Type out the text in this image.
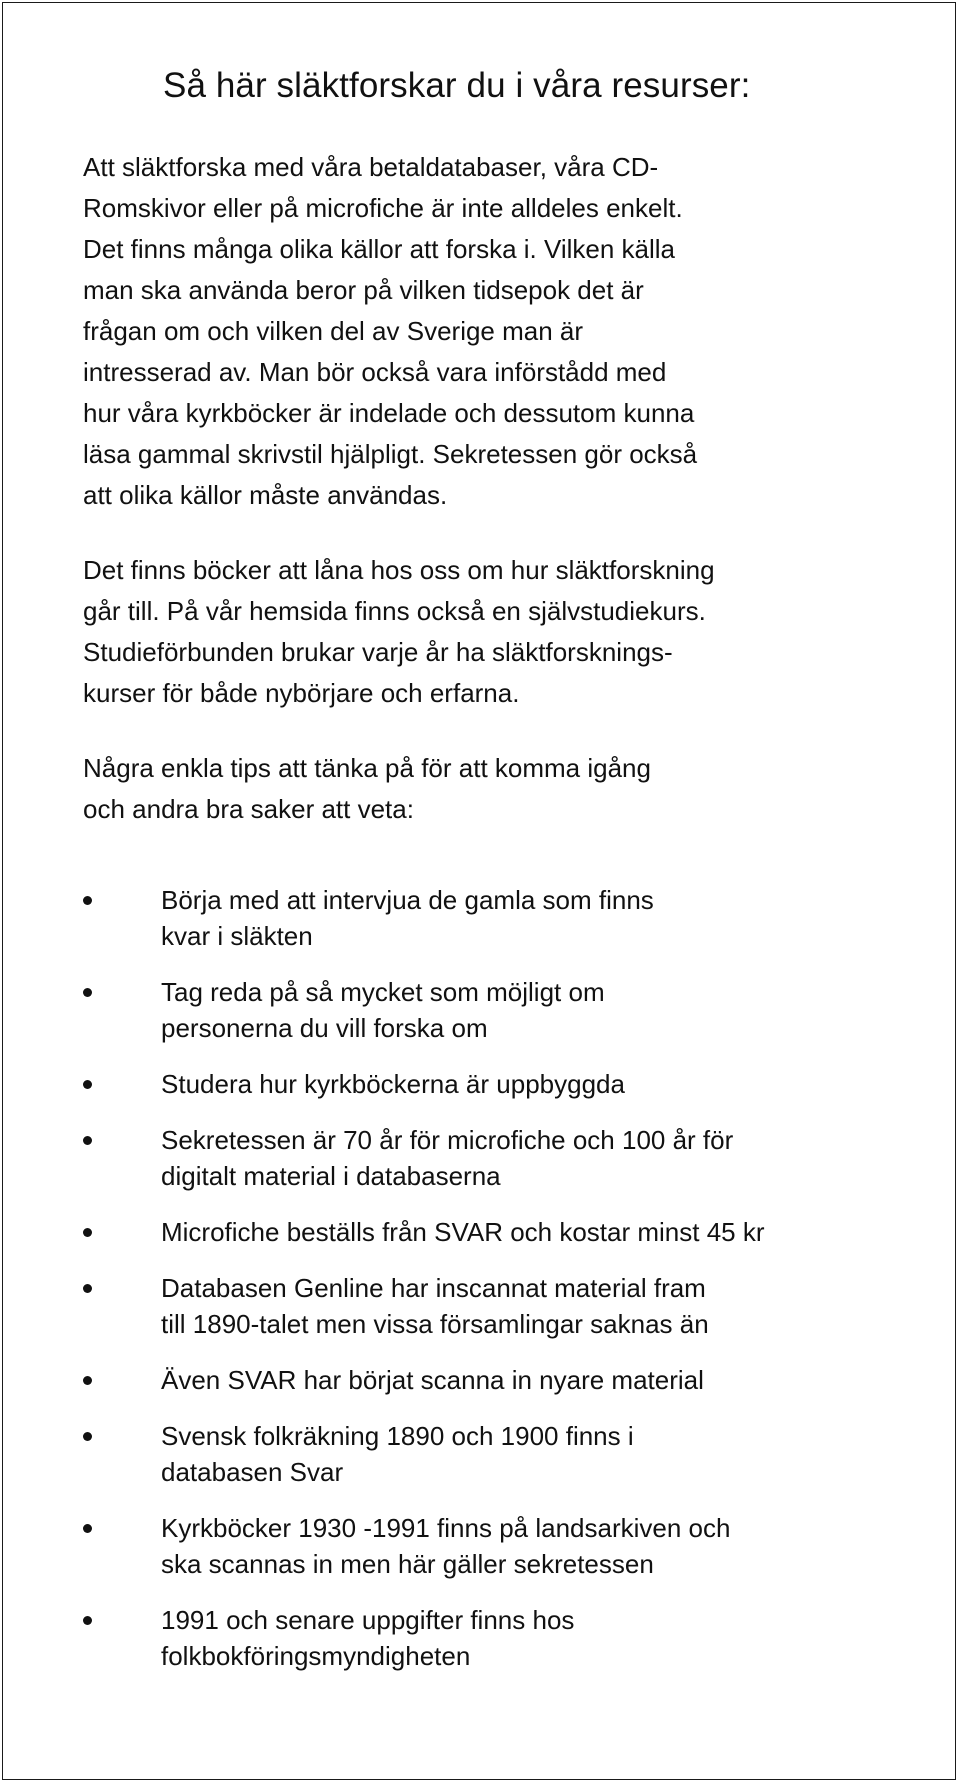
Så här släktforskar du i våra resurser:

Att släktforska med våra betaldatabaser, våra CD-
Romskivor eller på microfiche är inte alldeles enkelt.
Det finns många olika källor att forska i. Vilken källa
man ska använda beror på vilken tidsepok det är
frågan om och vilken del av Sverige man är
intresserad av. Man bör också vara införstådd med
hur våra kyrkböcker är indelade och dessutom kunna
läsa gammal skrivstil hjälpligt. Sekretessen gör också
att olika källor måste användas.

Det finns böcker att låna hos oss om hur släktforskning
går till. På vår hemsida finns också en självstudiekurs.
Studieförbunden brukar varje år ha släktforsknings-
kurser för både nybörjare och erfarna.

Några enkla tips att tänka på för att komma igång
och andra bra saker att veta:

Börja med att intervjua de gamla som finns
kvar i släkten
Tag reda på så mycket som möjligt om
personerna du vill forska om
Studera hur kyrkböckerna är uppbyggda
Sekretessen är 70 år för microfiche och 100 år för
digitalt material i databaserna
Microfiche beställs från SVAR och kostar minst 45 kr
Databasen Genline har inscannat material fram
till 1890-talet men vissa församlingar saknas än
Även SVAR har börjat scanna in nyare material
Svensk folkräkning 1890 och 1900 finns i
databasen Svar
Kyrkböcker 1930 -1991 finns på landsarkiven och
ska scannas in men här gäller sekretessen
1991 och senare uppgifter finns hos
folkbokföringsmyndigheten
